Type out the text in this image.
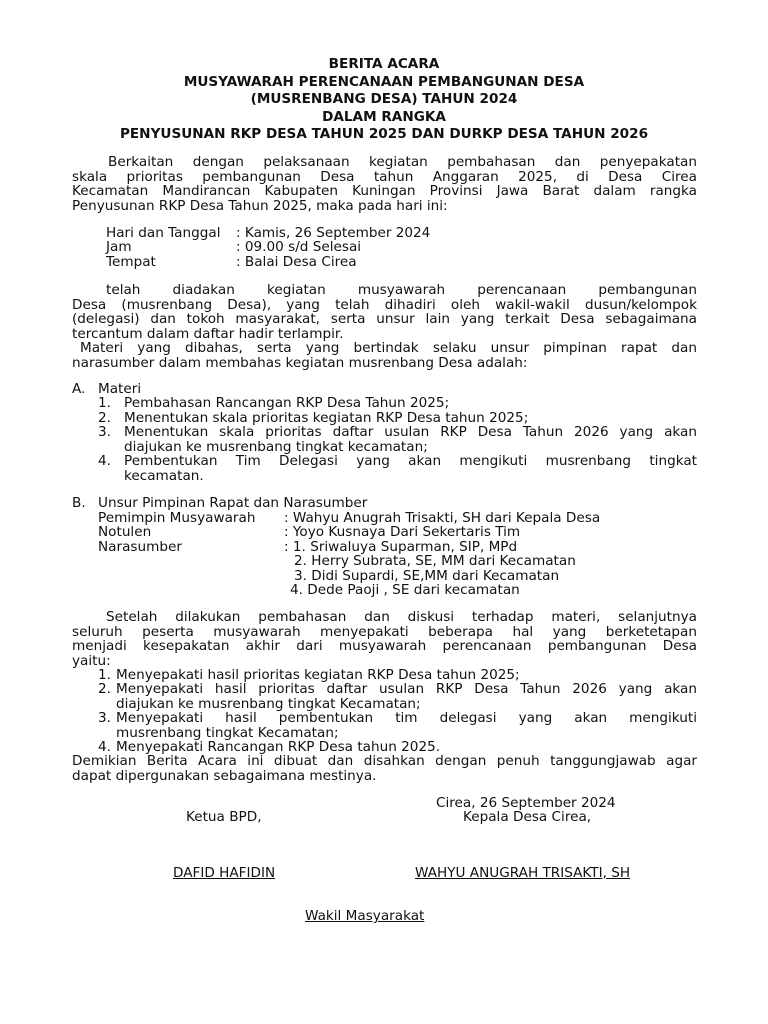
BERITA ACARA
MUSYAWARAH PERENCANAAN PEMBANGUNAN DESA
(MUSRENBANG DESA) TAHUN 2024
DALAM RANGKA
PENYUSUNAN RKP DESA TAHUN 2025 DAN DURKP DESA TAHUN 2026
Berkaitan dengan pelaksanaan kegiatan pembahasan dan penyepakatan
skala prioritas pembangunan Desa tahun Anggaran 2025, di Desa Cirea
Kecamatan Mandirancan Kabupaten Kuningan Provinsi Jawa Barat dalam rangka
Penyusunan RKP Desa Tahun 2025, maka pada hari ini:
Hari dan Tanggal : Kamis, 26 September 2024
Jam	: 09.00 s/d Selesai
Tempat	: Balai Desa Cirea
telah diadakan kegiatan musyawarah perencanaan pembangunan
Desa (musrenbang Desa), yang telah dihadiri oleh wakil-wakil dusun/kelompok
(delegasi) dan tokoh masyarakat, serta unsur lain yang terkait Desa sebagaimana
tercantum dalam daftar hadir terlampir.
Materi yang dibahas, serta yang bertindak selaku unsur pimpinan rapat dan
narasumber dalam membahas kegiatan musrenbang Desa adalah:
A. Materi
1. Pembahasan Rancangan RKP Desa Tahun 2025;
2. Menentukan skala prioritas kegiatan RKP Desa tahun 2025;
3. Menentukan skala prioritas daftar usulan RKP Desa Tahun 2026 yang akan
diajukan ke musrenbang tingkat kecamatan;
4. Pembentukan Tim Delegasi yang akan mengikuti musrenbang tingkat
kecamatan.
B. Unsur Pimpinan Rapat dan Narasumber
Pemimpin Musyawarah : Wahyu Anugrah Trisakti, SH dari Kepala Desa
Notulen	: Yoyo Kusnaya Dari Sekertaris Tim
Narasumber	: 1. Sriwaluya Suparman, SIP, MPd
2. Herry Subrata, SE, MM dari Kecamatan
3. Didi Supardi, SE,MM dari Kecamatan
4. Dede Paoji , SE dari kecamatan
Setelah dilakukan pembahasan dan diskusi terhadap materi, selanjutnya
seluruh peserta musyawarah menyepakati beberapa hal yang berketetapan
menjadi kesepakatan akhir dari musyawarah perencanaan pembangunan Desa
yaitu:
1. Menyepakati hasil prioritas kegiatan RKP Desa tahun 2025;
2. Menyepakati hasil prioritas daftar usulan RKP Desa Tahun 2026 yang akan
diajukan ke musrenbang tingkat Kecamatan;
3. Menyepakati hasil pembentukan tim delegasi yang akan mengikuti
musrenbang tingkat Kecamatan;
4. Menyepakati Rancangan RKP Desa tahun 2025.
Demikian Berita Acara ini dibuat dan disahkan dengan penuh tanggungjawab agar
dapat dipergunakan sebagaimana mestinya.
Cirea, 26 September 2024
Ketua BPD,	Kepala Desa Cirea,
DAFID HAFIDIN	WAHYU ANUGRAH TRISAKTI, SH
Wakil Masyarakat
